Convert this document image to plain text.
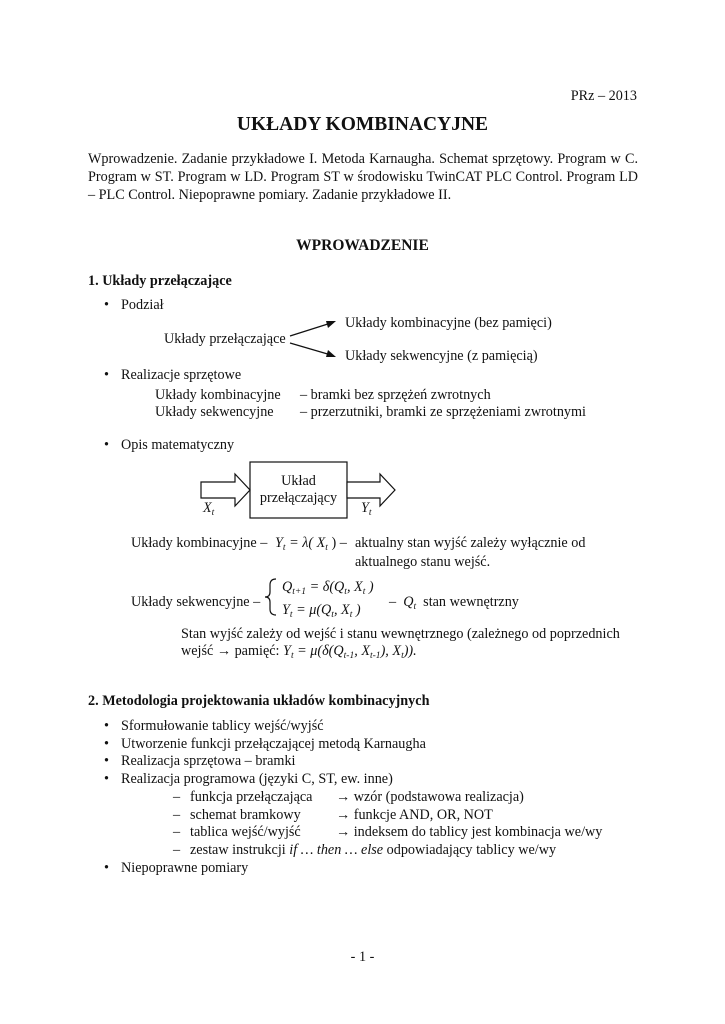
PRz – 2013
UKŁADY KOMBINACYJNE
Wprowadzenie. Zadanie przykładowe I. Metoda Karnaugha. Schemat sprzętowy. Program w C. Program w ST. Program w LD. Program ST w środowisku TwinCAT PLC Control. Program LD – PLC Control. Niepoprawne pomiary. Zadanie przykładowe II.
WPROWADZENIE
1. Układy przełączające
• Podział
Układy kombinacyjne (bez pamięci)
Układy przełączające
Układy sekwencyjne (z pamięcią)
• Realizacje sprzętowe
Układy kombinacyjne – bramki bez sprzężeń zwrotnych
Układy sekwencyjne – przerzutniki, bramki ze sprzężeniami zwrotnymi
• Opis matematyczny
Układ
przełączający
$X_t$	$Y_t$
Układy kombinacyjne – $Y_t = \lambda$( $X_t$ ) – aktualny stan wyjść zależy wyłącznie od
aktualnego stanu wejść.
Układy sekwencyjne –
$Q_{t+1} = \delta(Q_t$, $X_t$ )
$Y_t = \mu(Q_t$, $X_t$ ) – $Q_t$ stan wewnętrzny
Stan wyjść zależy od wejść i stanu wewnętrznego (zależnego od poprzednich
wejść → pamięć: $Y_t = \mu(\delta(Q_{t-1}$, $X_{t-1}$), $X_t$)).
2. Metodologia projektowania układów kombinacyjnych
• Sformułowanie tablicy wejść/wyjść
• Utworzenie funkcji przełączającej metodą Karnaugha
• Realizacja sprzętowa – bramki
• Realizacja programowa (języki C, ST, ew. inne)
– funkcja przełączająca → wzór (podstawowa realizacja)
– schemat bramkowy → funkcje AND, OR, NOT
– tablica wejść/wyjść → indeksem do tablicy jest kombinacja we/wy
– zestaw instrukcji if … then … else odpowiadający tablicy we/wy
• Niepoprawne pomiary
- 1 -
